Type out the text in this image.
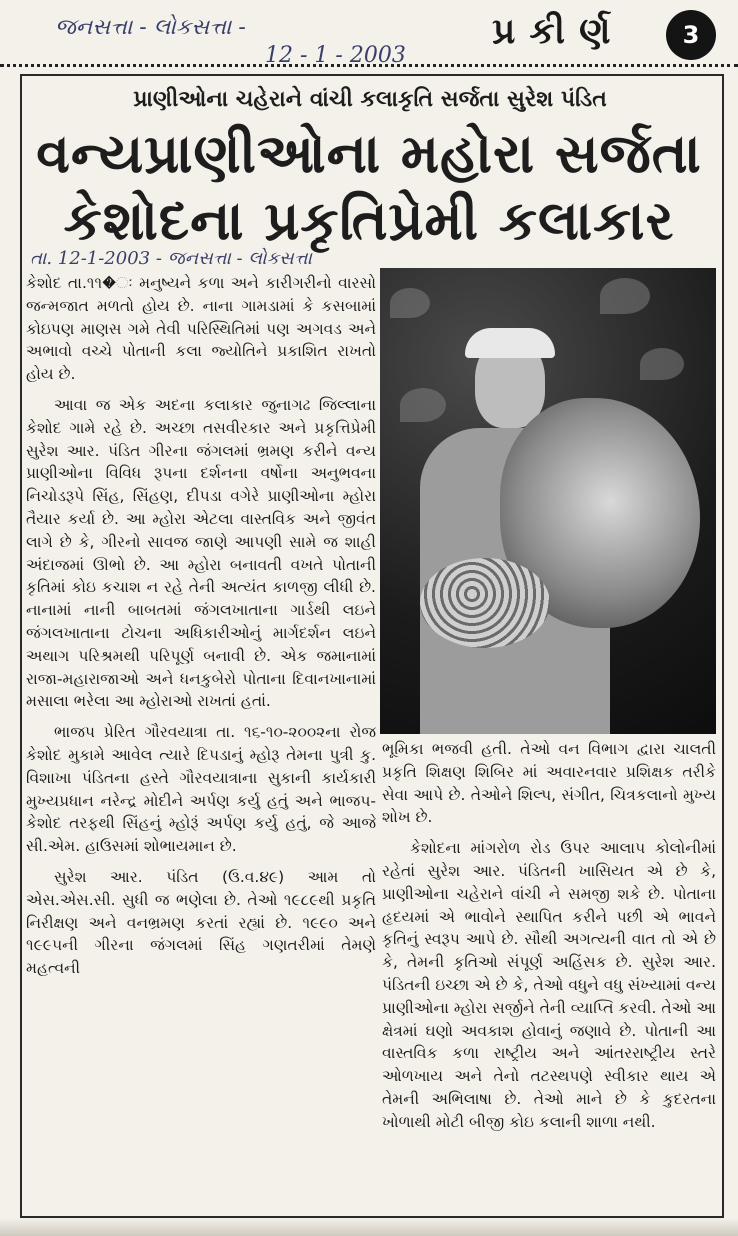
જનસત્તા - લોકસત્તા -
12 - 1 - 2003
પ્રકીર્ણ	3
પ્રાણીઓના ચહેરાને વાંચી કલાકૃતિ સર્જતા સુરેશ પંડિત
વન્યપ્રાણીઓના મહોરા સર્જતા
કેશોદના પ્રકૃતિપ્રેમી કલાકાર
તા. 12-1-2003 - જનસત્તા - લોકસત્તા

કેશોદ તા.૧૧�ઃ મનુષ્યને કળા અને કારીગરીનો વારસો જન્મજાત મળતો હોય છે. નાના ગામડામાં કે કસબામાં કોઇપણ માણસ ગમે તેવી પરિસ્થિતિમાં પણ અગવડ અને અભાવો વચ્ચે પોતાની કલા જ્યોતિને પ્રકાશિત રાખતો હોય છે.

આવા જ એક અદના કલાકાર જુનાગઢ જિલ્લાના કેશોદ ગામે રહે છે. અચ્છા તસવીરકાર અને પ્રકૃત્તિપ્રેમી સુરેશ આર. પંડિત ગીરના જંગલમાં ભ્રમણ કરીને વન્ય પ્રાણીઓના વિવિધ રૂપના દર્શનના વર્ષોના અનુભવના નિચોડરૂપે સિંહ, સિંહણ, દીપડા વગેરે પ્રાણીઓના મ્હોરા તૈયાર કર્યા છે. આ મ્હોરા એટલા વાસ્તવિક અને જીવંત લાગે છે કે, ગીરનો સાવજ જાણે આપણી સામે જ શાહી અંદાજમાં ઊભો છે. આ મ્હોરા બનાવતી વખતે પોતાની કૃતિમાં કોઇ કચાશ ન રહે તેની અત્યંત કાળજી લીધી છે. નાનામાં નાની બાબતમાં જંગલખાતાના ગાર્ડથી લઇને જંગલખાતાના ટોચના અધિકારીઓનું માર્ગદર્શન લઇને અથાગ પરિશ્રમથી પરિપૂર્ણ બનાવી છે. એક જમાનામાં રાજા-મહારાજાઓ અને ધનકુબેરો પોતાના દિવાનખાનામાં મસાલા ભરેલા આ મ્હોરાઓ રાખતાં હતાં.

ભાજપ પ્રેરિત ગૌરવયાત્રા તા. ૧૬-૧૦-૨૦૦૨ના રોજ કેશોદ મુકામે આવેલ ત્યારે દિપડાનું મ્હોરૂ તેમના પુત્રી કુ. વિશાખા પંડિતના હસ્તે ગૌરવયાત્રાના સુકાની કાર્યકારી મુખ્યપ્રધાન નરેન્દ્ર મોદીને અર્પણ કર્યુ હતું અને ભાજપ-કેશોદ તરફથી સિંહનું મ્હોરૂં અર્પણ કર્યુ હતું, જે આજે સી.એમ. હાઉસમાં શોભાયમાન છે.

સુરેશ આર. પંડિત (ઉ.વ.૪૯) આમ તો એસ.એસ.સી. સુધી જ ભણેલા છે. તેઓ ૧૯૮૯થી પ્રકૃતિ નિરીક્ષણ અને વનભ્રમણ કરતાં રહ્યાં છે. ૧૯૯૦ અને ૧૯૯૫ની ગીરના જંગલમાં સિંહ ગણતરીમાં તેમણે મહત્વની

ભૂમિકા ભજવી હતી. તેઓ વન વિભાગ દ્વારા ચાલતી પ્રકૃતિ શિક્ષણ શિબિર માં અવારનવાર પ્રશિક્ષક તરીકે સેવા આપે છે. તેઓને શિલ્પ, સંગીત, ચિત્રકલાનો મુખ્ય શોખ છે.

કેશોદના માંગરોળ રોડ ઉપર આલાપ કોલોનીમાં રહેતાં સુરેશ આર. પંડિતની ખાસિયત એ છે કે, પ્રાણીઓના ચહેરાને વાંચી ને સમજી શકે છે. પોતાના હૃદયમાં એ ભાવોને સ્થાપિત કરીને પછી એ ભાવને કૃતિનું સ્વરૂપ આપે છે. સૌથી અગત્યની વાત તો એ છે કે, તેમની કૃતિઓ સંપૂર્ણ અહિંસક છે. સુરેશ આર. પંડિતની ઇચ્છા એ છે કે, તેઓ વધુને વધુ સંખ્યામાં વન્ય પ્રાણીઓના મ્હોરા સર્જીને તેની વ્યાપ્તિ કરવી. તેઓ આ ક્ષેત્રમાં ઘણો અવકાશ હોવાનું જણાવે છે. પોતાની આ વાસ્તવિક કળા રાષ્ટ્રીય અને આંતરરાષ્ટ્રીય સ્તરે ઓળખાય અને તેનો તટસ્થપણે સ્વીકાર થાય એ તેમની અભિલાષા છે. તેઓ માને છે કે કુદરતના ખોળાથી મોટી બીજી કોઇ કલાની શાળા નથી.
